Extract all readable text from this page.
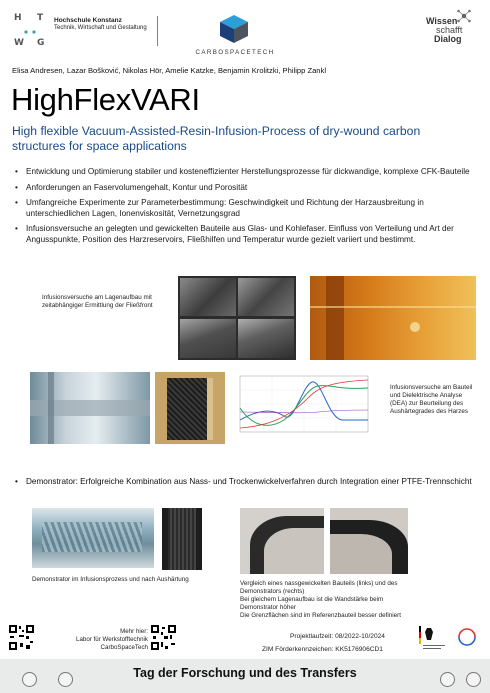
H T
W G
Hochschule Konstanz
Technik, Wirtschaft und Gestaltung
CARBOSPACETECH
Wissen
schafft
Dialog
Elisa Andresen, Lazar Bošković, Nikolas Hör, Amelie Katzke, Benjamin Krolitzki, Philipp Zankl
HighFlexVARI
High flexible Vacuum-Assisted-Resin-Infusion-Process of dry-wound carbon structures for space applications
• Entwicklung und Optimierung stabiler und kosteneffizienter Herstellungsprozesse für dickwandige, komplexe CFK-Bauteile
• Anforderungen an Faservolumengehalt, Kontur und Porosität
• Umfangreiche Experimente zur Parameterbestimmung: Geschwindigkeit und Richtung der Harzausbreitung in unterschiedlichen Lagen, Ionenviskosität, Vernetzungsgrad
• Infusionsversuche an gelegten und gewickelten Bauteile aus Glas- und Kohlefaser. Einfluss von Verteilung und Art der Angusspunkte, Position des Harzreservoirs, Fließhilfen und Temperatur wurde gezielt variiert und bestimmt.
Infusionsversuche am Lagenaufbau mit zeitabhängiger Ermittlung der Fließfront
Infusionsversuche am Bauteil und Dielektrische Analyse (DEA) zur Beurteilung des Aushärtegrades des Harzes
• Demonstrator: Erfolgreiche Kombination aus Nass- und Trockenwickelverfahren durch Integration einer PTFE-Trennschicht
Demonstrator im Infusionsprozess und nach Aushärtung
Vergleich eines nassgewickelten Bauteils (links) und des Demonstrators (rechts)
Bei gleichem Lagenaufbau ist die Wandstärke beim Demonstrator höher
Die Grenzflächen sind im Referenzbauteil besser definiert
Mehr hier:
Labor für Werkstofftechnik
CarboSpaceTech
Projektlaufzeit: 08/2022-10/2024
ZIM Förderkennzeichen: KK5176906CD1
Tag der Forschung und des Transfers
